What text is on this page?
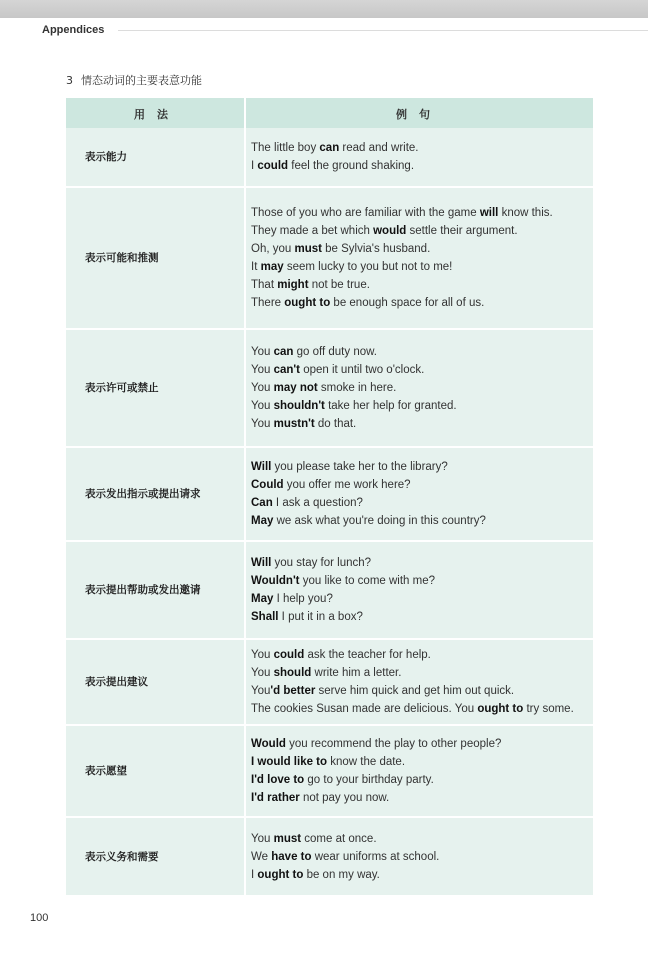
Appendices
3 情态动词的主要表意功能
用法	例句
表示能力
The little boy can read and write.
I could feel the ground shaking.
表示可能和推测
Those of you who are familiar with the game will know this.
They made a bet which would settle their argument.
Oh, you must be Sylvia's husband.
It may seem lucky to you but not to me!
That might not be true.
There ought to be enough space for all of us.
表示许可或禁止
You can go off duty now.
You can't open it until two o'clock.
You may not smoke in here.
You shouldn't take her help for granted.
You mustn't do that.
表示发出指示或提出请求
Will you please take her to the library?
Could you offer me work here?
Can I ask a question?
May we ask what you're doing in this country?
表示提出帮助或发出邀请
Will you stay for lunch?
Wouldn't you like to come with me?
May I help you?
Shall I put it in a box?
表示提出建议
You could ask the teacher for help.
You should write him a letter.
You'd better serve him quick and get him out quick.
The cookies Susan made are delicious. You ought to try some.
表示愿望
Would you recommend the play to other people?
I would like to know the date.
I'd love to go to your birthday party.
I'd rather not pay you now.
表示义务和需要
You must come at once.
We have to wear uniforms at school.
I ought to be on my way.
100
